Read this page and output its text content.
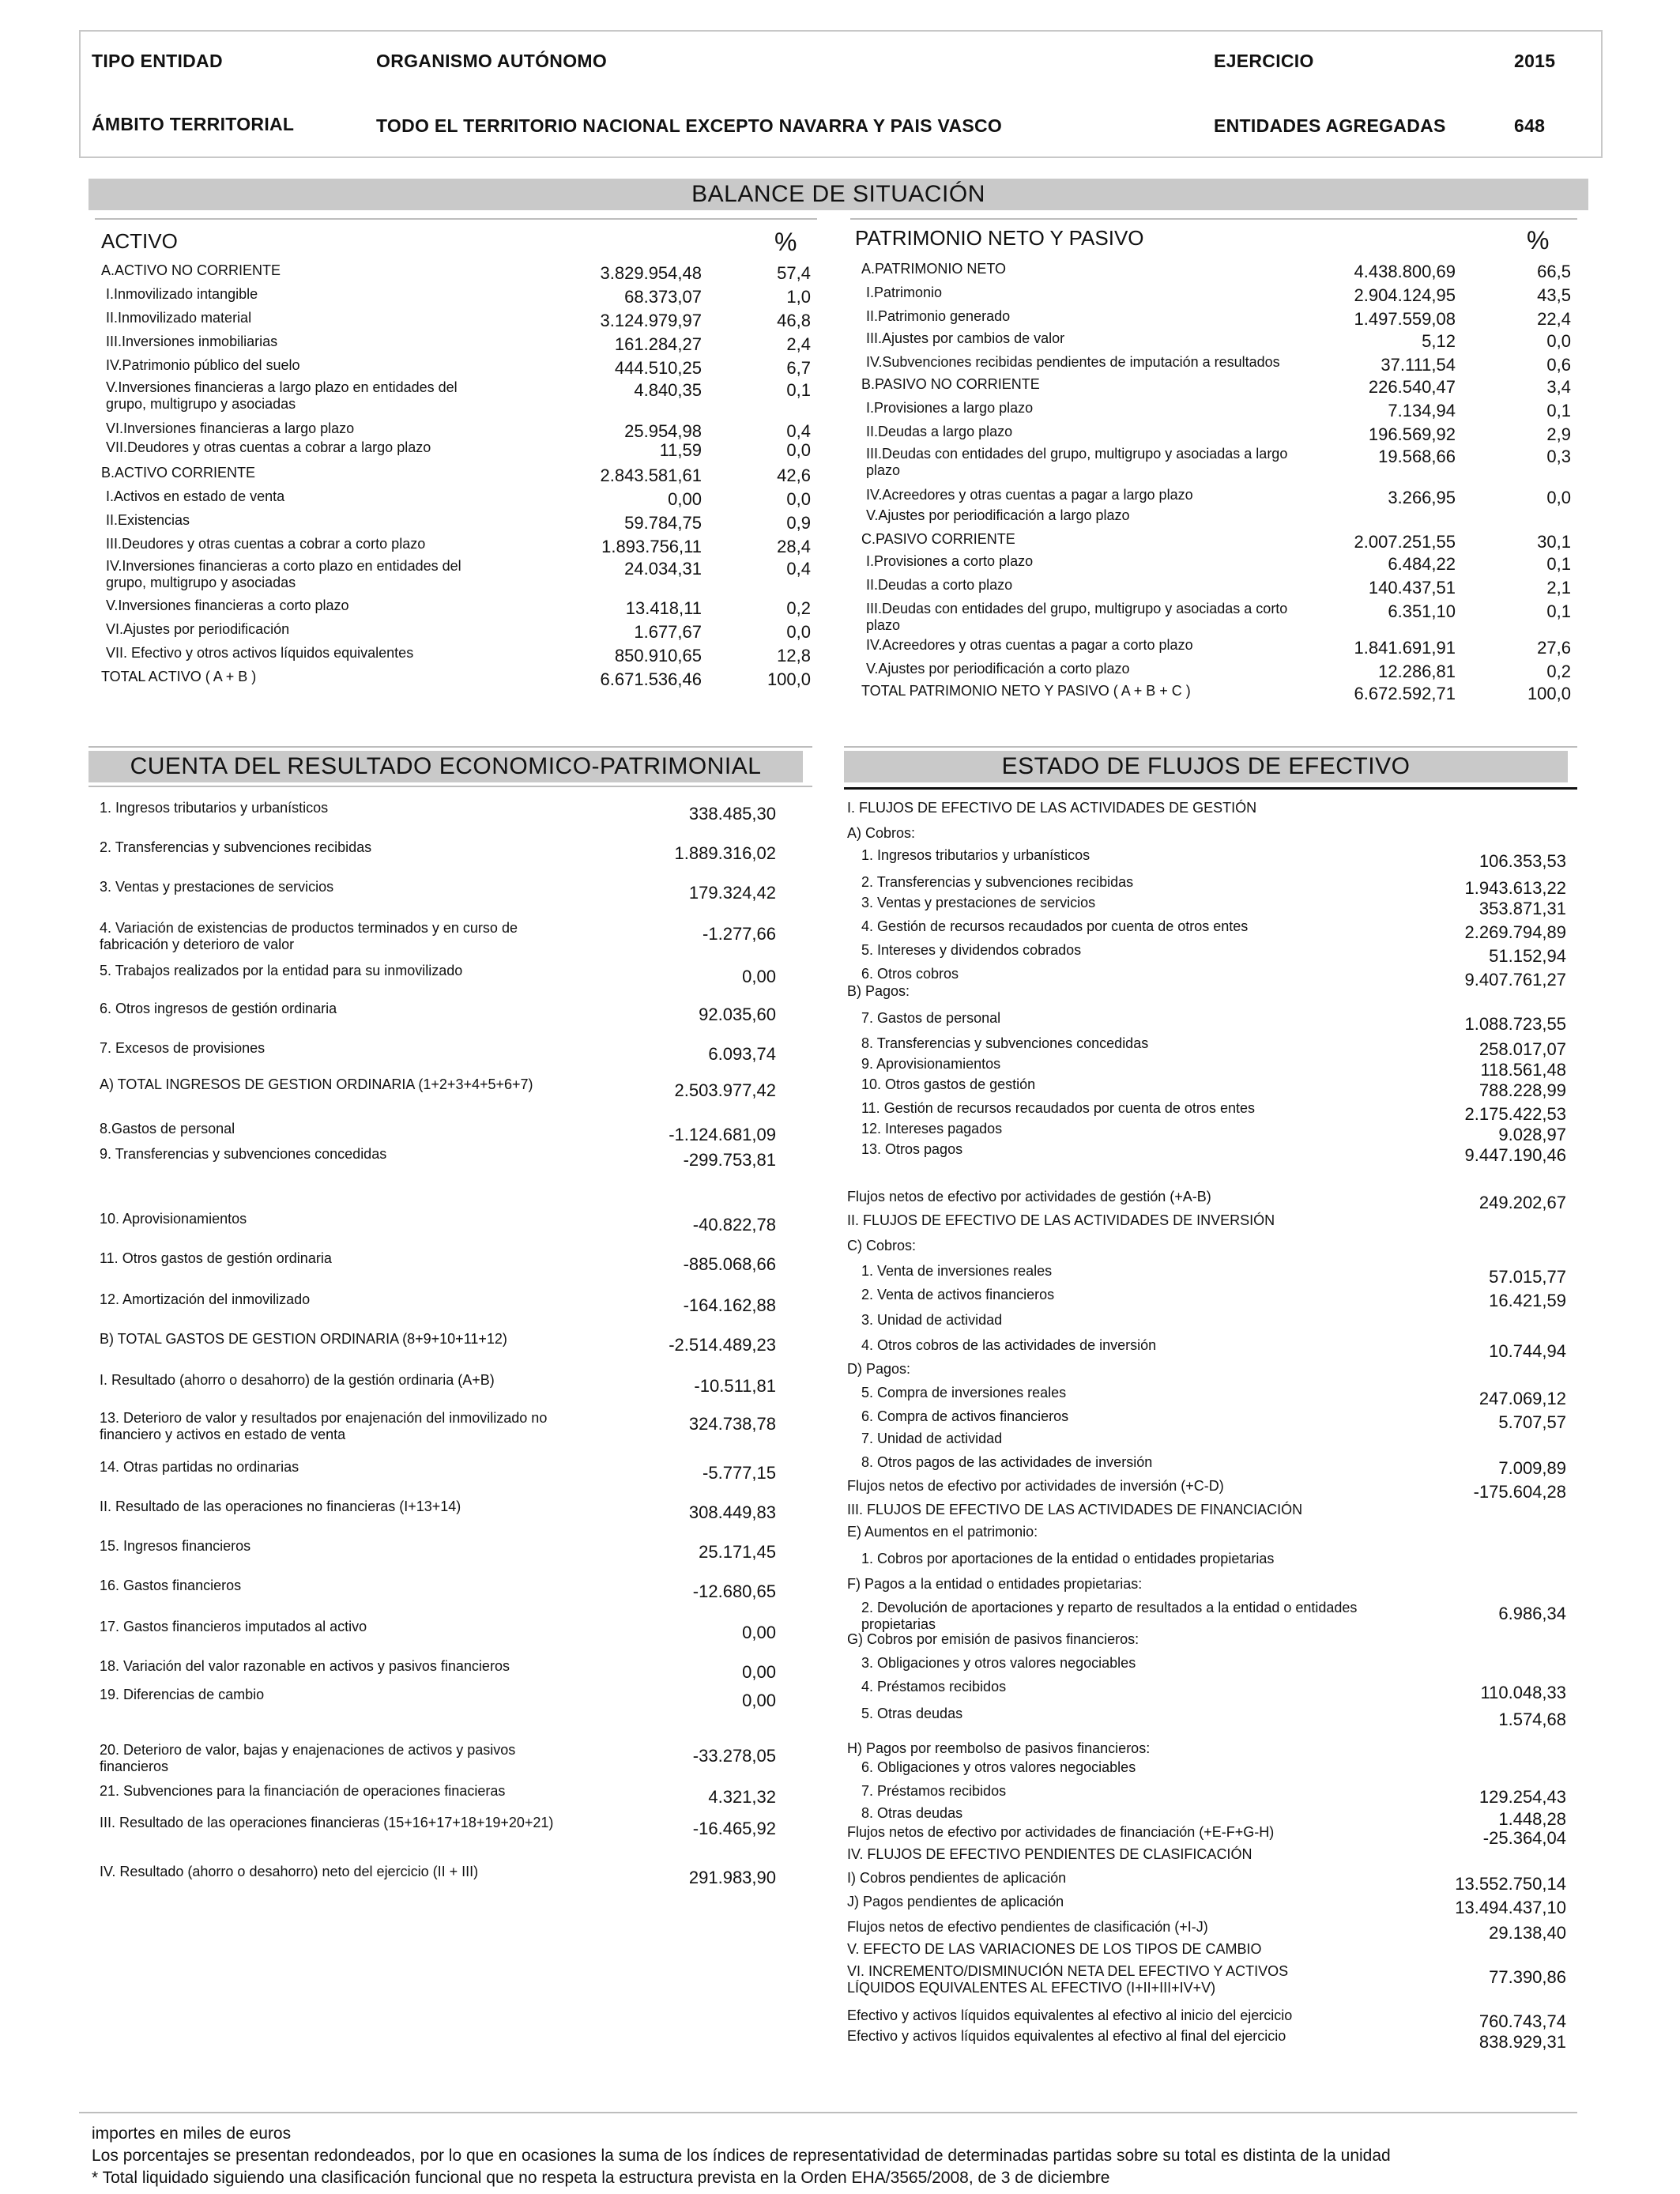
TIPO ENTIDAD	ORGANISMO AUTÓNOMO	EJERCICIO	2015
ÁMBITO TERRITORIAL	TODO EL TERRITORIO NACIONAL EXCEPTO NAVARRA Y PAIS VASCO	ENTIDADES AGREGADAS	648
BALANCE DE SITUACIÓN
ACTIVO	%	PATRIMONIO NETO Y PASIVO	%
A.ACTIVO NO CORRIENTE	3.829.954,48	57,4
I.Inmovilizado intangible	68.373,07	1,0
II.Inmovilizado material	3.124.979,97	46,8
III.Inversiones inmobiliarias	161.284,27	2,4
IV.Patrimonio público del suelo	444.510,25	6,7
V.Inversiones financieras a largo plazo en entidades del grupo, multigrupo y asociadas
4.840,35	0,1
VI.Inversiones financieras a largo plazo	25.954,98	0,4
VII.Deudores y otras cuentas a cobrar a largo plazo	11,59	0,0
B.ACTIVO CORRIENTE	2.843.581,61	42,6
I.Activos en estado de venta	0,00	0,0
II.Existencias	59.784,75	0,9
III.Deudores y otras cuentas a cobrar a corto plazo	1.893.756,11	28,4
IV.Inversiones financieras a corto plazo en entidades del grupo, multigrupo y asociadas
24.034,31	0,4
V.Inversiones financieras a corto plazo	13.418,11	0,2
VI.Ajustes por periodificación	1.677,67	0,0
VII. Efectivo y otros activos líquidos equivalentes	850.910,65	12,8
TOTAL ACTIVO ( A + B )	6.671.536,46	100,0
A.PATRIMONIO NETO	4.438.800,69	66,5
I.Patrimonio	2.904.124,95	43,5
II.Patrimonio generado	1.497.559,08	22,4
III.Ajustes por cambios de valor	5,12	0,0
IV.Subvenciones recibidas pendientes de imputación a resultados	37.111,54	0,6
B.PASIVO NO CORRIENTE	226.540,47	3,4
I.Provisiones a largo plazo	7.134,94	0,1
II.Deudas a largo plazo	196.569,92	2,9
III.Deudas con entidades del grupo, multigrupo y asociadas a largo plazo
19.568,66	0,3
IV.Acreedores y otras cuentas a pagar a largo plazo	3.266,95	0,0
V.Ajustes por periodificación a largo plazo
C.PASIVO CORRIENTE	2.007.251,55	30,1
I.Provisiones a corto plazo	6.484,22	0,1
II.Deudas a corto plazo	140.437,51	2,1
III.Deudas con entidades del grupo, multigrupo y asociadas a corto plazo
6.351,10	0,1
IV.Acreedores y otras cuentas a pagar a corto plazo	1.841.691,91	27,6
V.Ajustes por periodificación a corto plazo	12.286,81	0,2
TOTAL PATRIMONIO NETO Y PASIVO ( A + B + C )	6.672.592,71	100,0
CUENTA DEL RESULTADO ECONOMICO-PATRIMONIAL	ESTADO DE FLUJOS DE EFECTIVO
1. Ingresos tributarios y urbanísticos	338.485,30
2. Transferencias y subvenciones recibidas	1.889.316,02
3. Ventas y prestaciones de servicios	179.324,42
4. Variación de existencias de productos terminados y en curso de fabricación y deterioro de valor
-1.277,66
5. Trabajos realizados por la entidad para su inmovilizado	0,00
6. Otros ingresos de gestión ordinaria	92.035,60
7. Excesos de provisiones	6.093,74
A) TOTAL INGRESOS DE GESTION ORDINARIA (1+2+3+4+5+6+7)	2.503.977,42
8.Gastos de personal	-1.124.681,09
9. Transferencias y subvenciones concedidas	-299.753,81
10. Aprovisionamientos	-40.822,78
11. Otros gastos de gestión ordinaria	-885.068,66
12. Amortización del inmovilizado	-164.162,88
B) TOTAL GASTOS DE GESTION ORDINARIA (8+9+10+11+12)	-2.514.489,23
I. Resultado (ahorro o desahorro) de la gestión ordinaria (A+B)	-10.511,81
13. Deterioro de valor y resultados por enajenación del inmovilizado no financiero y activos en estado de venta
324.738,78
14. Otras partidas no ordinarias	-5.777,15
II. Resultado de las operaciones no financieras (I+13+14)	308.449,83
15. Ingresos financieros	25.171,45
16. Gastos financieros	-12.680,65
17. Gastos financieros imputados al activo	0,00
18. Variación del valor razonable en activos y pasivos financieros	0,00
19. Diferencias de cambio	0,00
20. Deterioro de valor, bajas y enajenaciones de activos y pasivos financieros
-33.278,05
21. Subvenciones para la financiación de operaciones finacieras	4.321,32
III. Resultado de las operaciones financieras (15+16+17+18+19+20+21)	-16.465,92
IV. Resultado (ahorro o desahorro) neto del ejercicio (II + III)	291.983,90
I. FLUJOS DE EFECTIVO DE LAS ACTIVIDADES DE GESTIÓN
A) Cobros:
1. Ingresos tributarios y urbanísticos	106.353,53
2. Transferencias y subvenciones recibidas	1.943.613,22
3. Ventas y prestaciones de servicios	353.871,31
4. Gestión de recursos recaudados por cuenta de otros entes	2.269.794,89
5. Intereses y dividendos cobrados	51.152,94
6. Otros cobros	9.407.761,27
B) Pagos:
7. Gastos de personal	1.088.723,55
8. Transferencias y subvenciones concedidas	258.017,07
9. Aprovisionamientos	118.561,48
10. Otros gastos de gestión	788.228,99
11. Gestión de recursos recaudados por cuenta de otros entes	2.175.422,53
12. Intereses pagados	9.028,97
13. Otros pagos	9.447.190,46
Flujos netos de efectivo por actividades de gestión (+A-B)	249.202,67
II. FLUJOS DE EFECTIVO DE LAS ACTIVIDADES DE INVERSIÓN
C) Cobros:
1. Venta de inversiones reales	57.015,77
2. Venta de activos financieros	16.421,59
3. Unidad de actividad
4. Otros cobros de las actividades de inversión	10.744,94
D) Pagos:
5. Compra de inversiones reales	247.069,12
6. Compra de activos financieros	5.707,57
7. Unidad de actividad
8. Otros pagos de las actividades de inversión	7.009,89
Flujos netos de efectivo por actividades de inversión (+C-D)	-175.604,28
III. FLUJOS DE EFECTIVO DE LAS ACTIVIDADES DE FINANCIACIÓN
E) Aumentos en el patrimonio:
1. Cobros por aportaciones de la entidad o entidades propietarias
F) Pagos a la entidad o entidades propietarias:
2. Devolución de aportaciones y reparto de resultados a la entidad o entidades propietarias
6.986,34
G) Cobros por emisión de pasivos financieros:
3. Obligaciones y otros valores negociables
4. Préstamos recibidos	110.048,33
5. Otras deudas	1.574,68
H) Pagos por reembolso de pasivos financieros:
6. Obligaciones y otros valores negociables
7. Préstamos recibidos	129.254,43
8. Otras deudas	1.448,28
Flujos netos de efectivo por actividades de financiación (+E-F+G-H)	-25.364,04
IV. FLUJOS DE EFECTIVO PENDIENTES DE CLASIFICACIÓN
I) Cobros pendientes de aplicación	13.552.750,14
J) Pagos pendientes de aplicación	13.494.437,10
Flujos netos de efectivo pendientes de clasificación (+I-J)	29.138,40
V. EFECTO DE LAS VARIACIONES DE LOS TIPOS DE CAMBIO
VI. INCREMENTO/DISMINUCIÓN NETA DEL EFECTIVO Y ACTIVOS LÍQUIDOS EQUIVALENTES AL EFECTIVO (I+II+III+IV+V)
77.390,86
Efectivo y activos líquidos equivalentes al efectivo al inicio del ejercicio	760.743,74
Efectivo y activos líquidos equivalentes al efectivo al final del ejercicio	838.929,31
importes en miles de euros
Los porcentajes se presentan redondeados, por lo que en ocasiones la suma de los índices de representatividad de determinadas partidas sobre su total es distinta de la unidad
* Total liquidado siguiendo una clasificación funcional que no respeta la estructura prevista en la Orden EHA/3565/2008, de 3 de diciembre
